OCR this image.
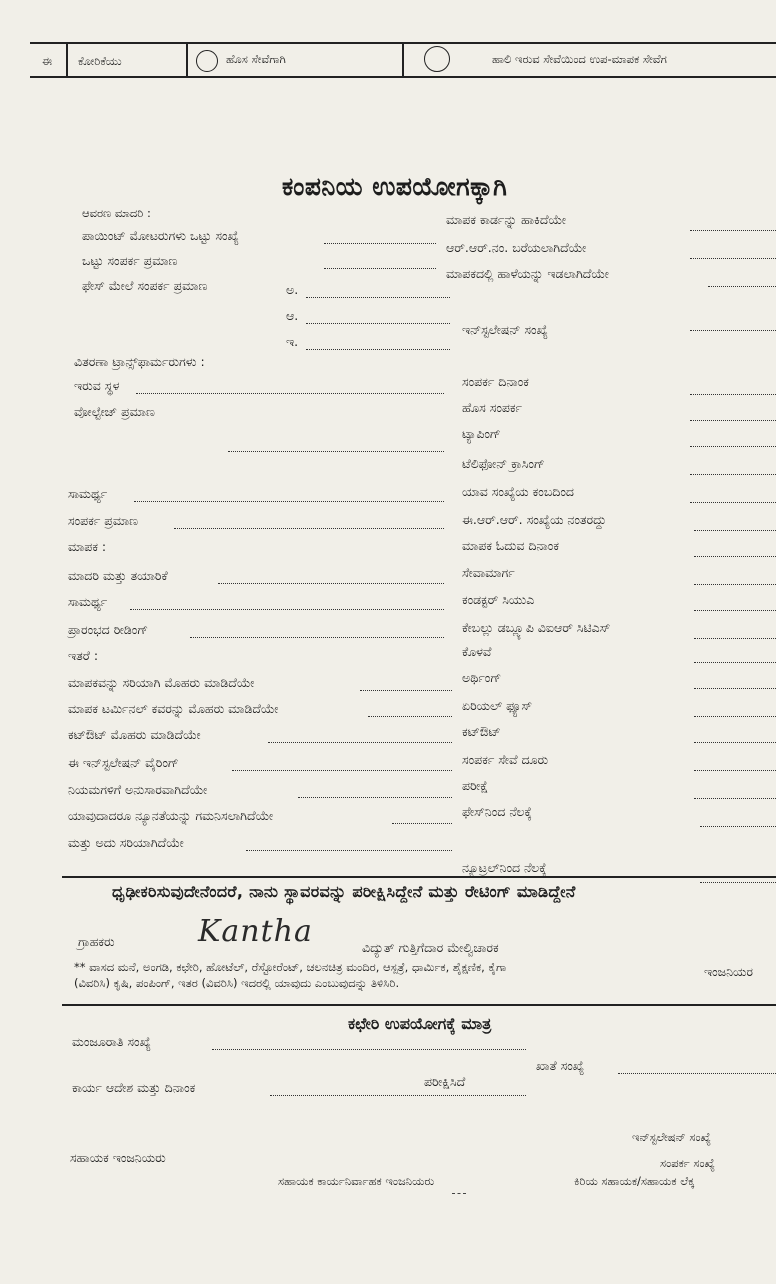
ಈ ಕೋರಿಕೆಯು	ಹೊಸ ಸೇವೆಗಾಗಿ	ಹಾಲಿ ಇರುವ ಸೇವೆಯಿಂದ ಉಪ-ಮಾಪಕ ಸೇವೆಗ
ಕಂಪನಿಯ ಉಪಯೋಗಕ್ಕಾಗಿ
ಆವರಣ ಮಾದರಿ :
ಪಾಯಿಂಟ್ ಮೋಟರುಗಳು ಒಟ್ಟು ಸಂಖ್ಯೆ
ಒಟ್ಟು ಸಂಪರ್ಕ ಪ್ರಮಾಣ
ಫೇಸ್ ಮೇಲೆ ಸಂಪರ್ಕ ಪ್ರಮಾಣ	ಅ.
ಆ.
ಇ.
ವಿತರಣಾ ಟ್ರಾನ್ಸ್‌ಫಾರ್ಮರುಗಳು :
ಇರುವ ಸ್ಥಳ
ವೋಲ್ಟೇಜ್ ಪ್ರಮಾಣ
ಸಾಮರ್ಥ್ಯ
ಸಂಪರ್ಕ ಪ್ರಮಾಣ
ಮಾಪಕ :
ಮಾದರಿ ಮತ್ತು ತಯಾರಿಕೆ
ಸಾಮರ್ಥ್ಯ
ಪ್ರಾರಂಭದ ರೀಡಿಂಗ್
ಇತರೆ :
ಮಾಪಕವನ್ನು ಸರಿಯಾಗಿ ಮೊಹರು ಮಾಡಿದೆಯೇ
ಮಾಪಕ ಟರ್ಮಿನಲ್ ಕವರನ್ನು ಮೊಹರು ಮಾಡಿದೆಯೇ
ಕಟ್‌ಔಟ್ ಮೊಹರು ಮಾಡಿದೆಯೇ
ಈ ಇನ್‌ಸ್ಟಲೇಷನ್ ವೈರಿಂಗ್
ನಿಯಮಗಳಿಗೆ ಅನುಸಾರವಾಗಿದೆಯೇ
ಯಾವುದಾದರೂ ನ್ಯೂನತೆಯನ್ನು ಗಮನಿಸಲಾಗಿದೆಯೇ
ಮತ್ತು ಅದು ಸರಿಯಾಗಿದೆಯೇ
ಮಾಪಕ ಕಾರ್ಡನ್ನು ಹಾಕಿದೆಯೇ
ಆರ್.ಆರ್.ನಂ. ಬರೆಯಲಾಗಿದೆಯೇ
ಮಾಪಕದಲ್ಲಿ ಹಾಳೆಯನ್ನು ಇಡಲಾಗಿದೆಯೇ
ಇನ್‌ಸ್ಟಲೇಷನ್ ಸಂಖ್ಯೆ
ಸಂಪರ್ಕ ದಿನಾಂಕ
ಹೊಸ ಸಂಪರ್ಕ
ಟ್ಯಾಪಿಂಗ್
ಟೆಲಿಫೋನ್ ಕ್ರಾಸಿಂಗ್
ಯಾವ ಸಂಖ್ಯೆಯ ಕಂಬದಿಂದ
ಈ.ಆರ್.ಆರ್. ಸಂಖ್ಯೆಯ ನಂತರದ್ದು
ಮಾಪಕ ಓದುವ ದಿನಾಂಕ
ಸೇವಾಮಾರ್ಗ
ಕಂಡಕ್ಟರ್ ಸಿಯುಎ
ಕೇಬಲ್ಲು ಡಬ್ಲ್ಯೂಪಿ ವಿಐಆರ್ ಸಿಟಿಎಸ್
ಕೊಳವೆ
ಅರ್ಥಿಂಗ್
ಏರಿಯಲ್ ಫ್ಯೂಸ್
ಕಟ್‌ಔಟ್
ಸಂಪರ್ಕ ಸೇವೆ ದೂರು
ಪರೀಕ್ಷೆ
ಫೇಸ್‌ನಿಂದ ನೆಲಕ್ಕೆ
ನ್ಯೂಟ್ರಲ್‌ನಿಂದ ನೆಲಕ್ಕೆ
ಧೃಢೀಕರಿಸುವುದೇನೆಂದರೆ, ನಾನು ಸ್ಥಾವರವನ್ನು ಪರೀಕ್ಷಿಸಿದ್ದೇನೆ ಮತ್ತು ರೇಟಿಂಗ್ ಮಾಡಿದ್ದೇನೆ
ಗ್ರಾಹಕರು	Kantha	ವಿದ್ಯುತ್ ಗುತ್ತಿಗೆದಾರ ಮೇಲ್ವಿಚಾರಕ
ಇಂಜನಿಯರ
** ವಾಸದ ಮನೆ, ಅಂಗಡಿ, ಕಛೇರಿ, ಹೋಟೆಲ್, ರೆಸ್ಟೋರೆಂಟ್, ಚಲನಚಿತ್ರ ಮಂದಿರ, ಆಸ್ಪತ್ರೆ, ಧಾರ್ಮಿಕ, ಶೈಕ್ಷಣಿಕ, ಕೈಗಾ
(ವಿವರಿಸಿ) ಕೃಷಿ, ಪಂಪಿಂಗ್, ಇತರ (ವಿವರಿಸಿ) ಇದರಲ್ಲಿ ಯಾವುದು ಎಂಬುವುದನ್ನು ತಿಳಿಸಿರಿ.
ಕಛೇರಿ ಉಪಯೋಗಕ್ಕೆ ಮಾತ್ರ
ಮಂಜೂರಾತಿ ಸಂಖ್ಯೆ
ಖಾತೆ ಸಂಖ್ಯೆ
ಪರೀಕ್ಷಿಸಿದೆ
ಕಾರ್ಯ ಆದೇಶ ಮತ್ತು ದಿನಾಂಕ
ಇನ್‌ಸ್ಟಲೇಷನ್ ಸಂಖ್ಯೆ
ಸಂಪರ್ಕ ಸಂಖ್ಯೆ
ಸಹಾಯಕ ಇಂಜನಿಯರು
ಸಹಾಯಕ ಕಾರ್ಯನಿರ್ವಾಹಕ ಇಂಜನಿಯರು	ಕಿರಿಯ ಸಹಾಯಕ/ಸಹಾಯಕ ಲೆಕ್ಕ
